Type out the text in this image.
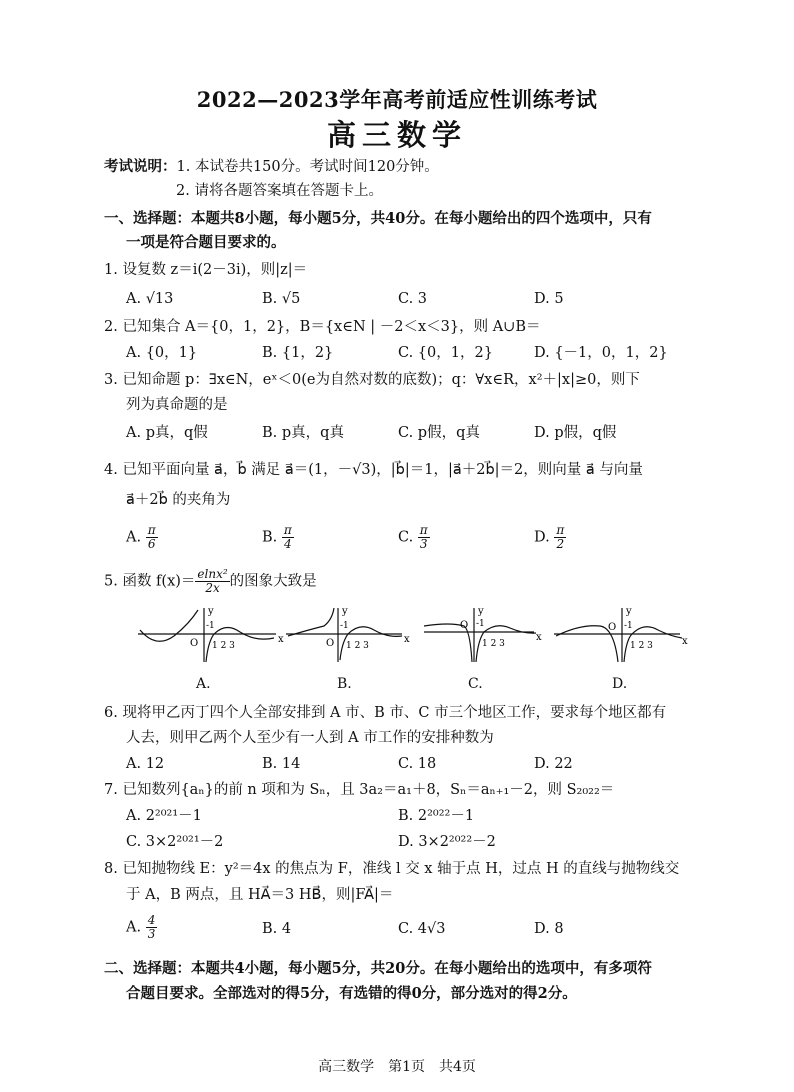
2022—2023学年高考前适应性训练考试
高三数学
考试说明：1. 本试卷共150分。考试时间120分钟。
2. 请将各题答案填在答题卡上。
一、选择题：本题共8小题，每小题5分，共40分。在每小题给出的四个选项中，只有
一项是符合题目要求的。
1. 设复数 z＝i(2－3i)，则|z|＝
A. √13	B. √5	C. 3	D. 5
2. 已知集合 A＝{0，1，2}，B＝{x∈N | －2＜x＜3}，则 A∪B＝
A. {0，1}	B. {1，2}	C. {0，1，2}	D. {－1，0，1，2}
3. 已知命题 p：∃x∈N，eˣ＜0(e为自然对数的底数)；q：∀x∈R，x²＋|x|≥0，则下
列为真命题的是
A. p真，q假	B. p真，q真	C. p假，q真	D. p假，q假
4. 已知平面向量 a⃗，b⃗ 满足 a⃗＝(1，－√3)，|b⃗|＝1，|a⃗＋2b⃗|＝2，则向量 a⃗ 与向量
a⃗＋2b⃗ 的夹角为
A. $\frac{\pi}{6}$	B. $\frac{\pi}{4}$	C. $\frac{\pi}{3}$	D. $\frac{\pi}{2}$
5. 函数 $f(x)= \frac{\text{elnx²}}{2x}$ 的图象大致是
y
x
O
-1
1 2 3
A.
y
x
O
-1
1 2 3
B.
y
x
O -1
1 2 3
C.
y
x
O -1
1 2 3
D.
6. 现将甲乙丙丁四个人全部安排到 A 市、B 市、C 市三个地区工作，要求每个地区都有
人去，则甲乙两个人至少有一人到 A 市工作的安排种数为
A. 12	B. 14	C. 18	D. 22
7. 已知数列{aₙ}的前 n 项和为 Sₙ，且 3a₂＝a₁＋8，Sₙ＝aₙ₊₁－2，则 S₂₀₂₂＝
A. 2²⁰²¹－1	B. 2²⁰²²－1
C. 3×2²⁰²¹－2	D. 3×2²⁰²²－2
8. 已知抛物线 E：y²＝4x 的焦点为 F，准线 l 交 x 轴于点 H，过点 H 的直线与抛物线交
于 A，B 两点，且 HA⃗＝3 HB⃗，则|FA⃗|＝
A. $\frac{4}{3}$	B. 4	C. 4√3	D. 8
二、选择题：本题共4小题，每小题5分，共20分。在每小题给出的选项中，有多项符
合题目要求。全部选对的得5分，有选错的得0分，部分选对的得2分。
高三数学　第1页　共4页
